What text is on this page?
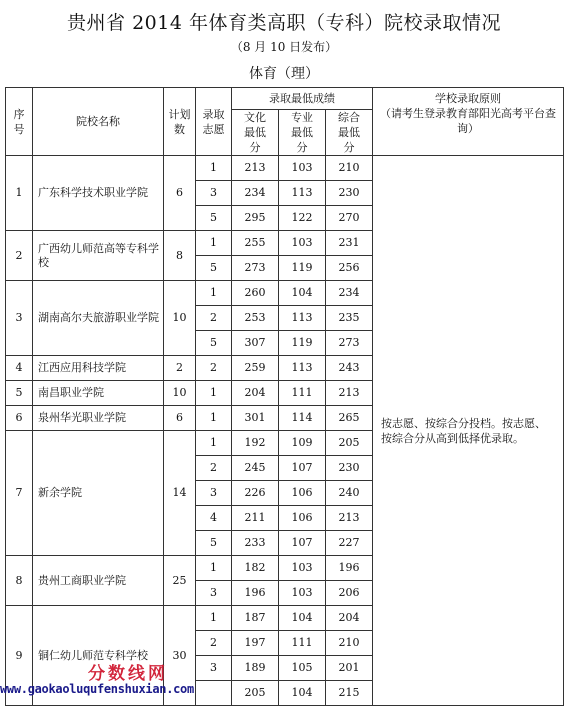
贵州省 2014 年体育类高职（专科）院校录取情况
（8 月 10 日发布）
体育（理）
序号	院校名称	计划数	录取志愿	录取最低成绩			学校录取原则
（请考生登录教育部阳光高考平台查询）

				文化最低分	专业最低分	综合最低分	

1	广东科学技术职业学院	6	1	213	103	210	按志愿、按综合分投档。按志愿、按综合分从高到低择优录取。
			3	234	113	230	
			5	295	122	270	
2	广西幼儿师范高等专科学校	8	1	255	103	231	
			5	273	119	256	
3	湖南高尔夫旅游职业学院	10	1	260	104	234	
			2	253	113	235	
			5	307	119	273	
4	江西应用科技学院	2	2	259	113	243	
5	南昌职业学院	10	1	204	111	213	
6	泉州华光职业学院	6	1	301	114	265	
7	新余学院	14	1	192	109	205	
			2	245	107	230	
			3	226	106	240	
			4	211	106	213	
			5	233	107	227	
8	贵州工商职业学院	25	1	182	103	196	
			3	196	103	206	
9	铜仁幼儿师范专科学校	30	1	187	104	204	
			2	197	111	210	
			3	189	105	201	
				205	104	215	
分数线网
www.gaokaoluqufenshuxian.com
